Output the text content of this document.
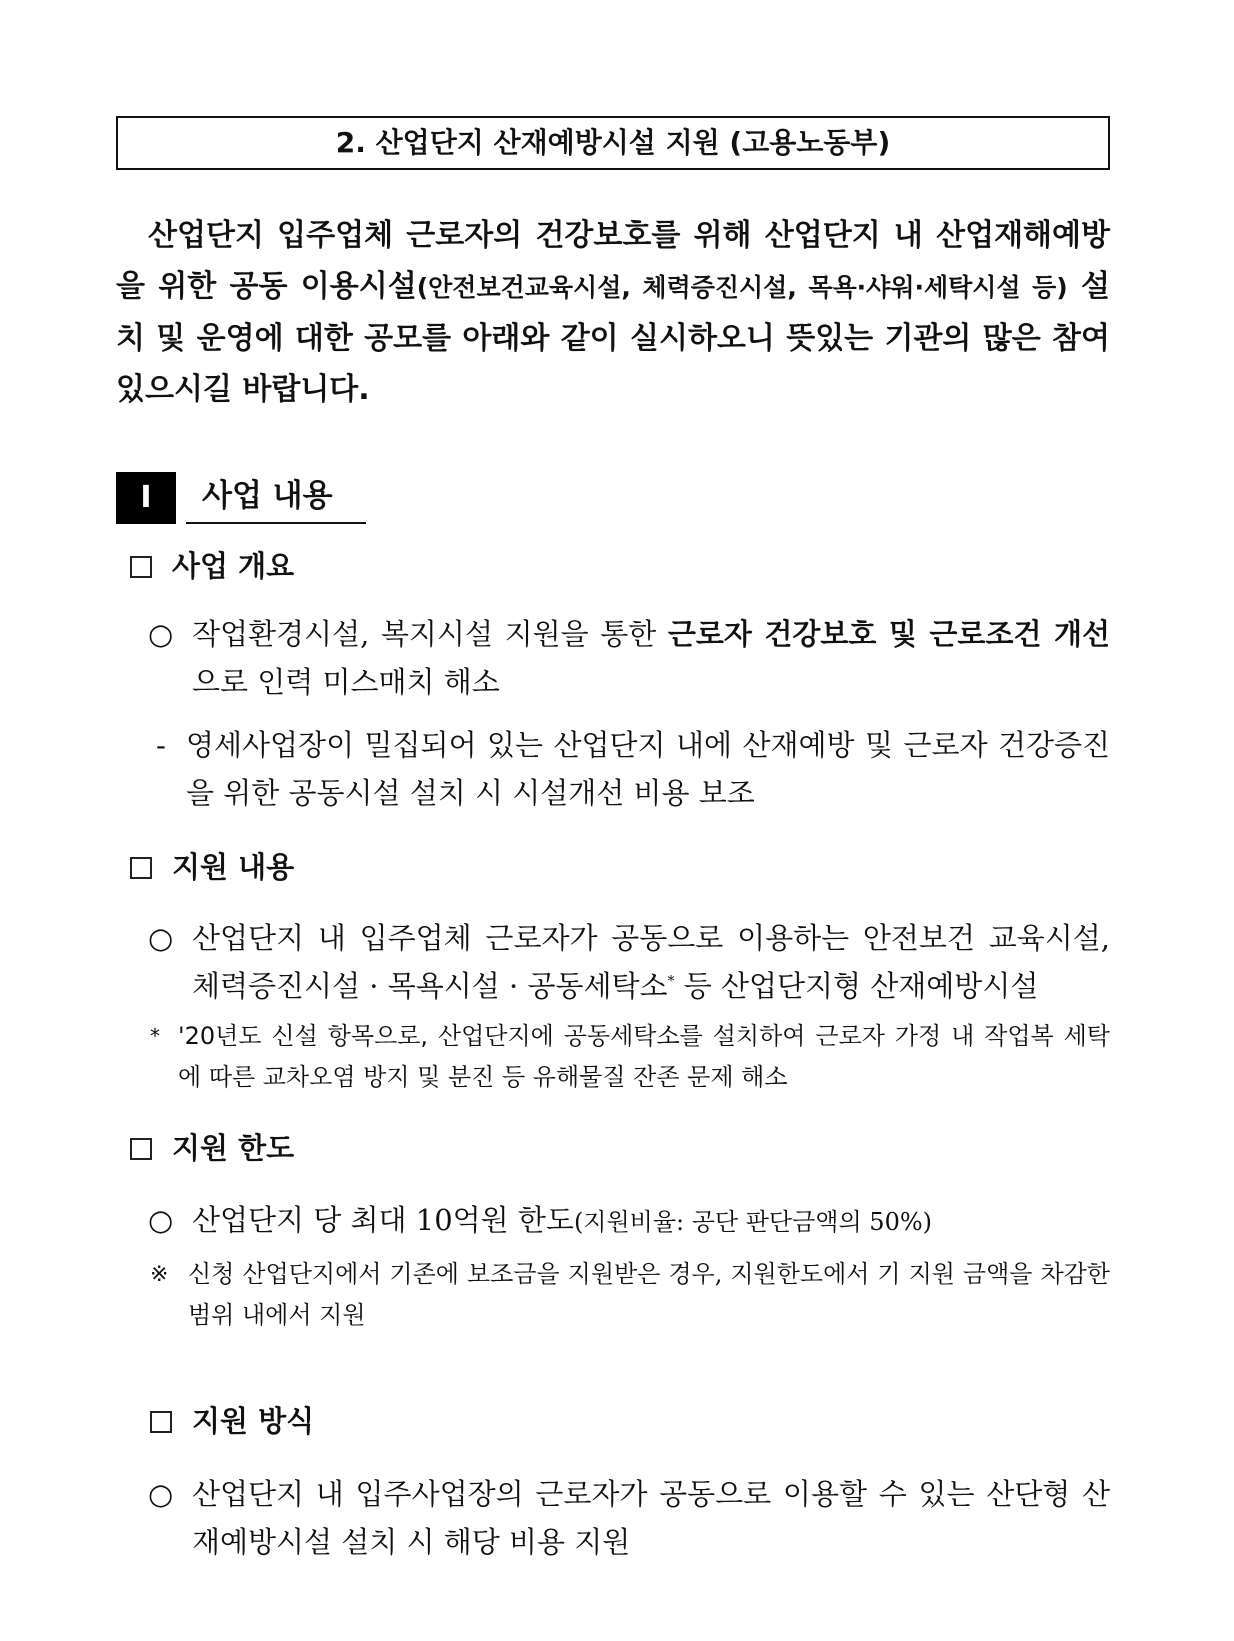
2. 산업단지 산재예방시설 지원 (고용노동부)
산업단지 입주업체 근로자의 건강보호를 위해 산업단지 내 산업재해예방을 위한 공동 이용시설(안전보건교육시설, 체력증진시설, 목욕·샤워·세탁시설 등) 설치 및 운영에 대한 공모를 아래와 같이 실시하오니 뜻있는 기관의 많은 참여 있으시길 바랍니다.
I	사업 내용
사업 개요
○ 작업환경시설, 복지시설 지원을 통한 근로자 건강보호 및 근로조건 개선으로 인력 미스매치 해소
- 영세사업장이 밀집되어 있는 산업단지 내에 산재예방 및 근로자 건강증진을 위한 공동시설 설치 시 시설개선 비용 보조
지원 내용
○ 산업단지 내 입주업체 근로자가 공동으로 이용하는 안전보건 교육시설, 체력증진시설 · 목욕시설 · 공동세탁소* 등 산업단지형 산재예방시설
* '20년도 신설 항목으로, 산업단지에 공동세탁소를 설치하여 근로자 가정 내 작업복 세탁에 따른 교차오염 방지 및 분진 등 유해물질 잔존 문제 해소
지원 한도
○ 산업단지 당 최대 10억원 한도(지원비율: 공단 판단금액의 50%)
※ 신청 산업단지에서 기존에 보조금을 지원받은 경우, 지원한도에서 기 지원 금액을 차감한 범위 내에서 지원
지원 방식
○ 산업단지 내 입주사업장의 근로자가 공동으로 이용할 수 있는 산단형 산재예방시설 설치 시 해당 비용 지원
